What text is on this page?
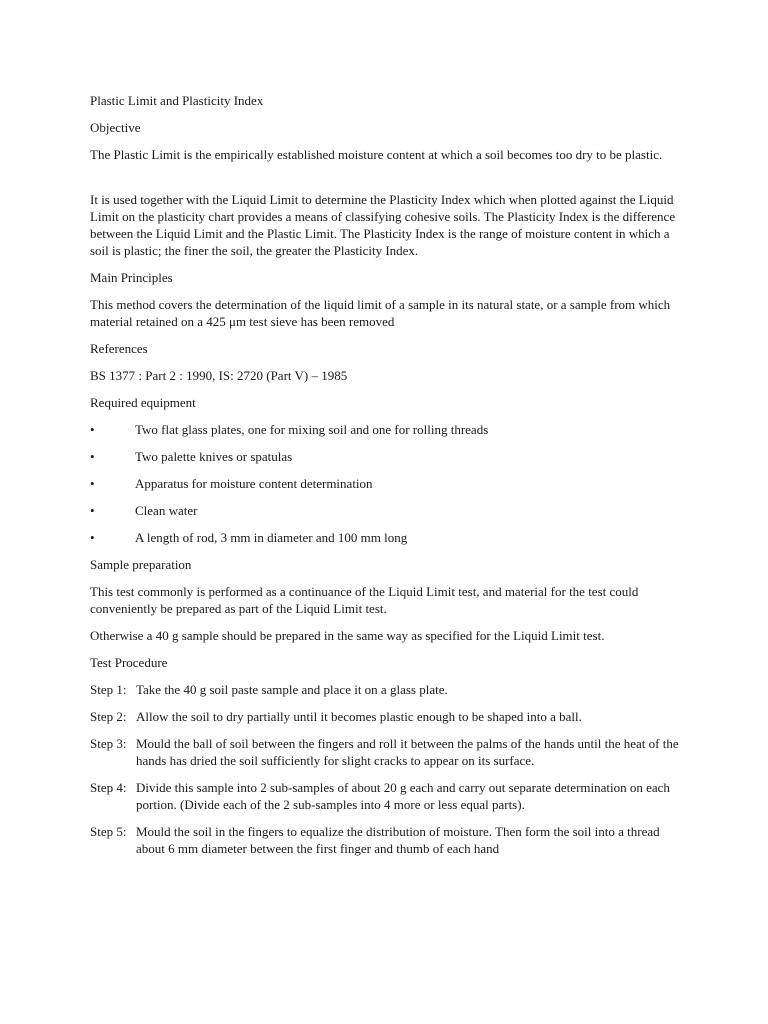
Plastic Limit and Plasticity Index

Objective

The Plastic Limit is the empirically established moisture content at which a soil becomes too dry to be plastic.

It is used together with the Liquid Limit to determine the Plasticity Index which when plotted against the Liquid Limit on the plasticity chart provides a means of classifying cohesive soils. The Plasticity Index is the difference between the Liquid Limit and the Plastic Limit. The Plasticity Index is the range of moisture content in which a soil is plastic; the finer the soil, the greater the Plasticity Index.

Main Principles

This method covers the determination of the liquid limit of a sample in its natural state, or a sample from which material retained on a 425 μm test sieve has been removed

References

BS 1377 : Part 2 : 1990, IS: 2720 (Part V) – 1985

Required equipment

•	Two flat glass plates, one for mixing soil and one for rolling threads
•	Two palette knives or spatulas
•	Apparatus for moisture content determination
•	Clean water
•	A length of rod, 3 mm in diameter and 100 mm long

Sample preparation

This test commonly is performed as a continuance of the Liquid Limit test, and material for the test could conveniently be prepared as part of the Liquid Limit test.

Otherwise a 40 g sample should be prepared in the same way as specified for the Liquid Limit test.

Test Procedure

Step 1: Take the 40 g soil paste sample and place it on a glass plate.
Step 2: Allow the soil to dry partially until it becomes plastic enough to be shaped into a ball.
Step 3: Mould the ball of soil between the fingers and roll it between the palms of the hands until the heat of the hands has dried the soil sufficiently for slight cracks to appear on its surface.
Step 4: Divide this sample into 2 sub-samples of about 20 g each and carry out separate determination on each portion. (Divide each of the 2 sub-samples into 4 more or less equal parts).
Step 5: Mould the soil in the fingers to equalize the distribution of moisture. Then form the soil into a thread about 6 mm diameter between the first finger and thumb of each hand
